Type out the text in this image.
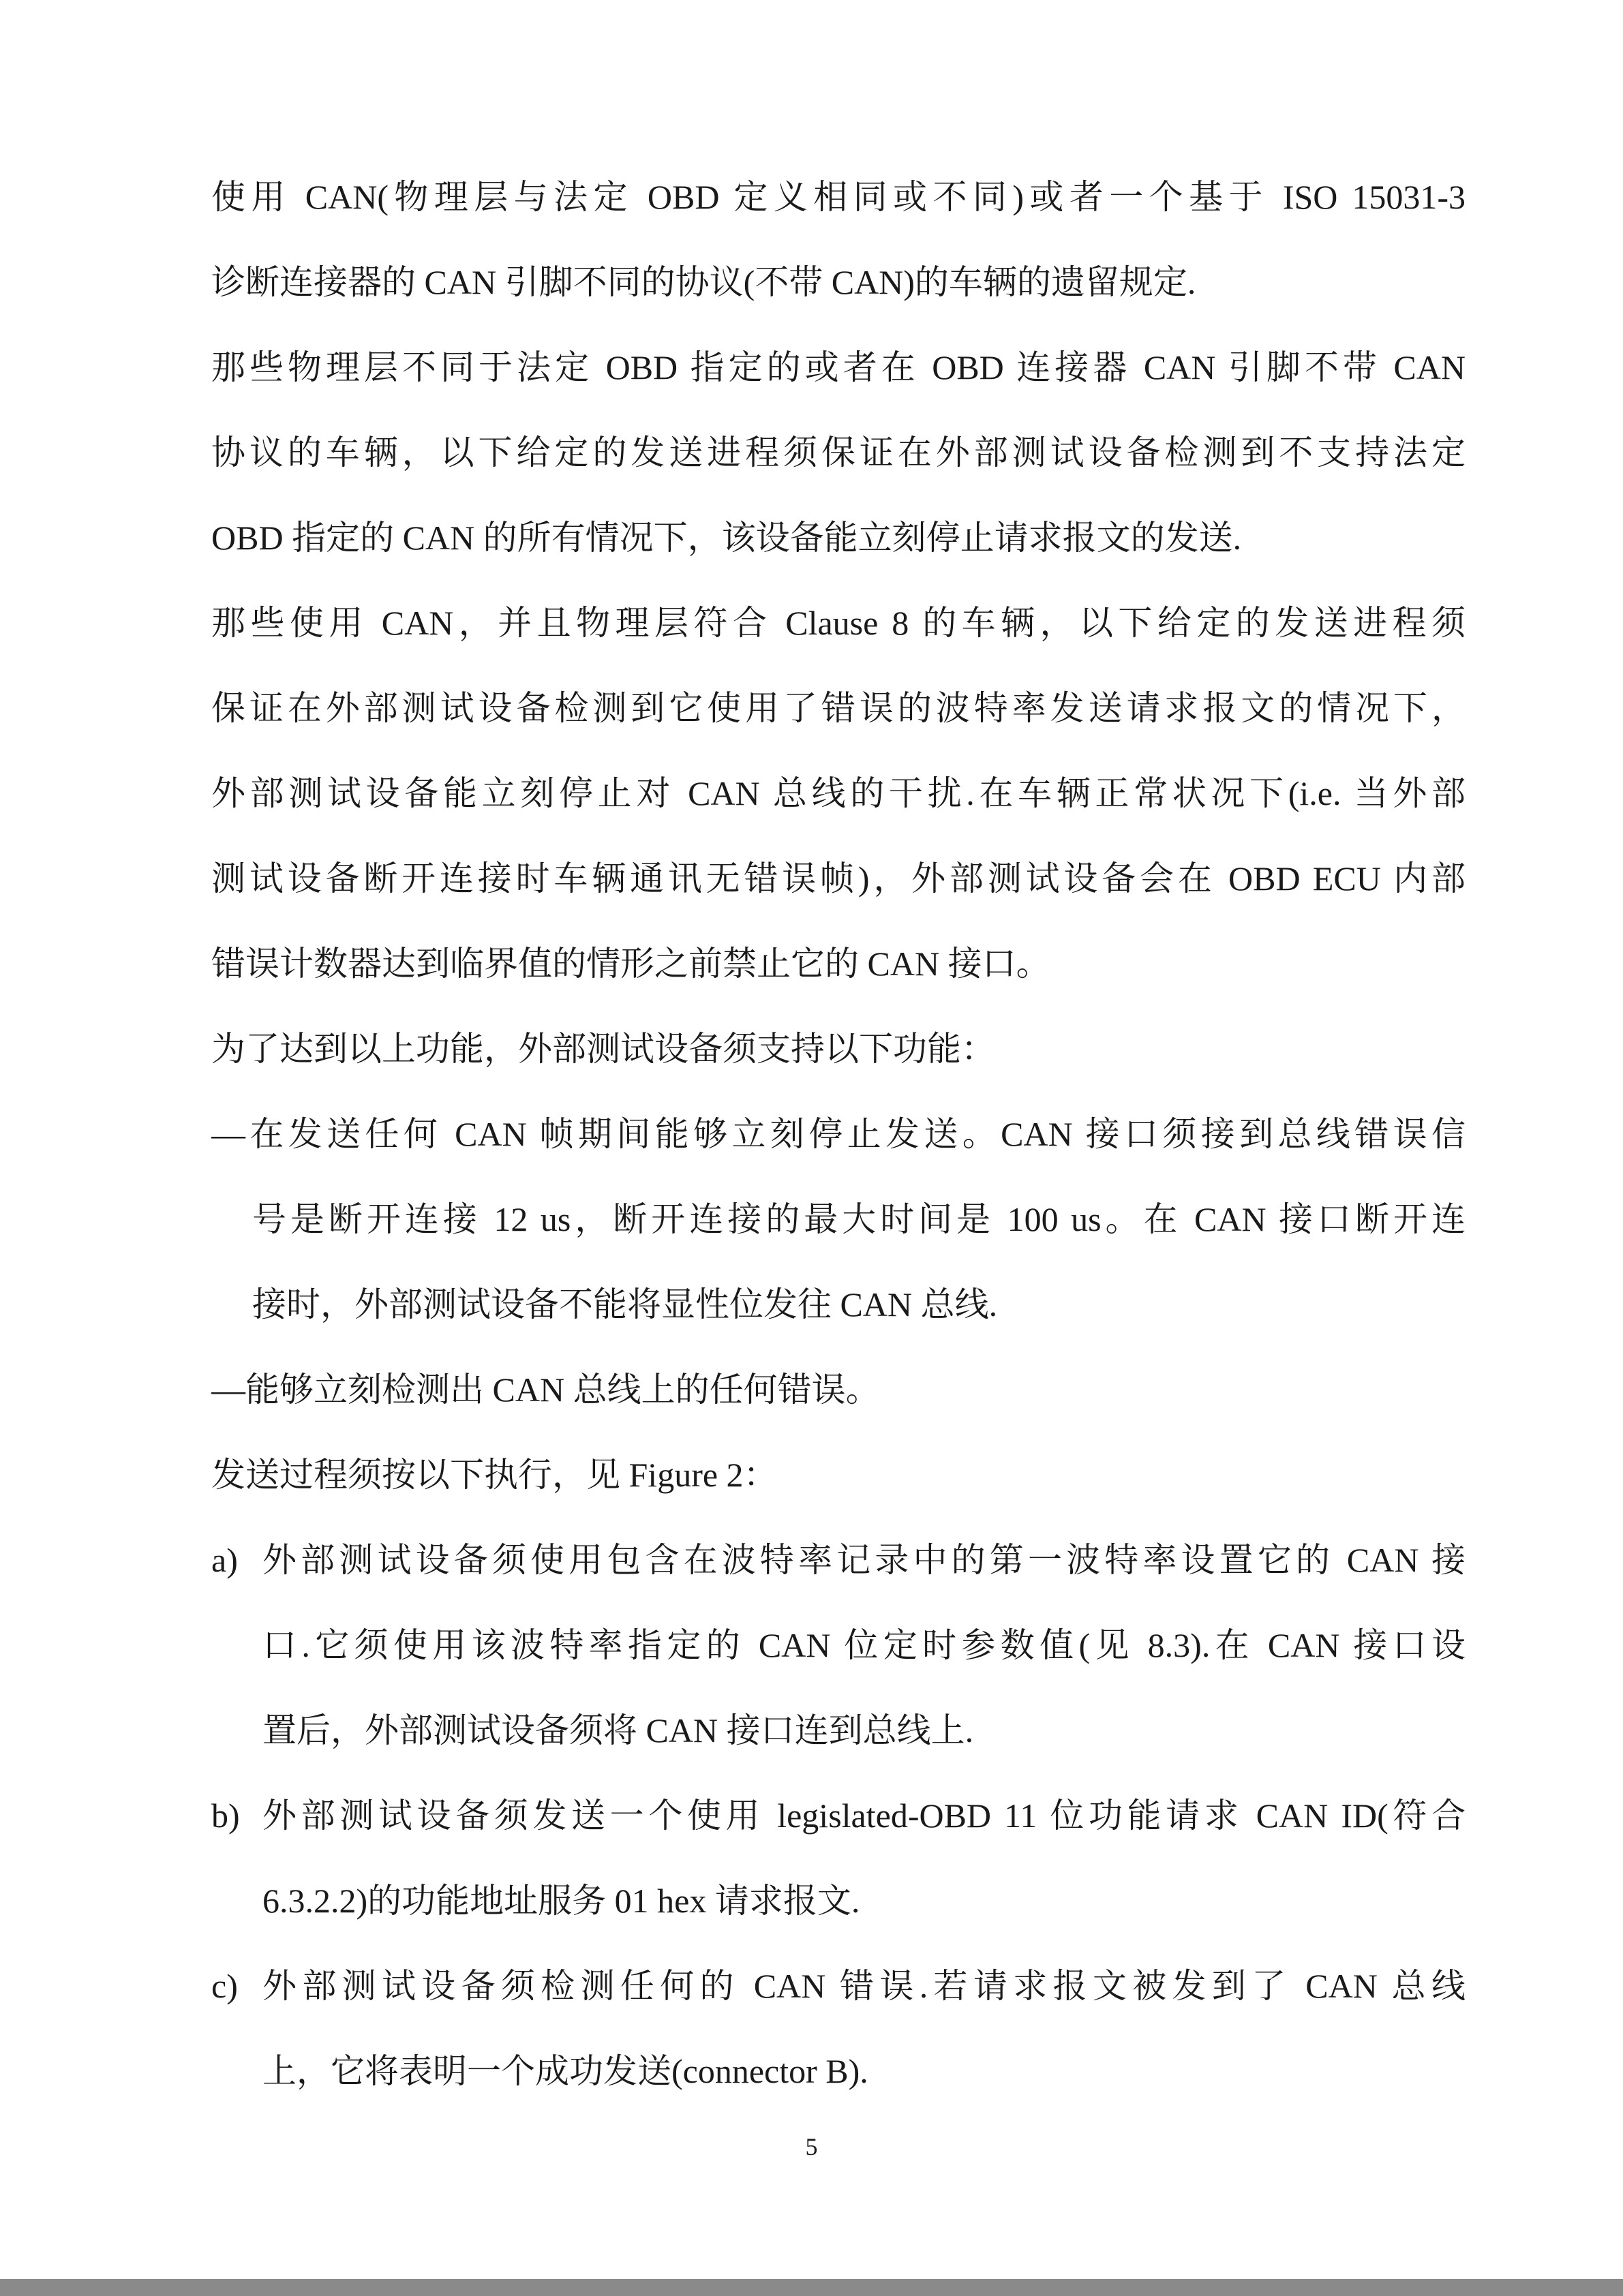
使用 CAN(物理层与法定 OBD 定义相同或不同)或者一个基于 ISO 15031-3
诊断连接器的 CAN 引脚不同的协议(不带 CAN)的车辆的遗留规定.
那些物理层不同于法定 OBD 指定的或者在 OBD 连接器 CAN 引脚不带 CAN
协议的车辆，以下给定的发送进程须保证在外部测试设备检测到不支持法定
OBD 指定的 CAN 的所有情况下，该设备能立刻停止请求报文的发送.
那些使用 CAN，并且物理层符合 Clause 8 的车辆，以下给定的发送进程须
保证在外部测试设备检测到它使用了错误的波特率发送请求报文的情况下，
外部测试设备能立刻停止对 CAN 总线的干扰.在车辆正常状况下(i.e. 当外部
测试设备断开连接时车辆通讯无错误帧)，外部测试设备会在 OBD ECU 内部
错误计数器达到临界值的情形之前禁止它的 CAN 接口。
为了达到以上功能，外部测试设备须支持以下功能：
—在发送任何 CAN 帧期间能够立刻停止发送。CAN 接口须接到总线错误信
号是断开连接 12 us，断开连接的最大时间是 100 us。在 CAN 接口断开连
接时，外部测试设备不能将显性位发往 CAN 总线.
—能够立刻检测出 CAN 总线上的任何错误。
发送过程须按以下执行，见 Figure 2：
a) 外部测试设备须使用包含在波特率记录中的第一波特率设置它的 CAN 接
口.它须使用该波特率指定的 CAN 位定时参数值(见 8.3).在 CAN 接口设
置后，外部测试设备须将 CAN 接口连到总线上.
b) 外部测试设备须发送一个使用 legislated-OBD 11 位功能请求 CAN ID(符合
6.3.2.2)的功能地址服务 01 hex 请求报文.
c) 外部测试设备须检测任何的 CAN 错误.若请求报文被发到了 CAN 总线
上，它将表明一个成功发送(connector B).
5
